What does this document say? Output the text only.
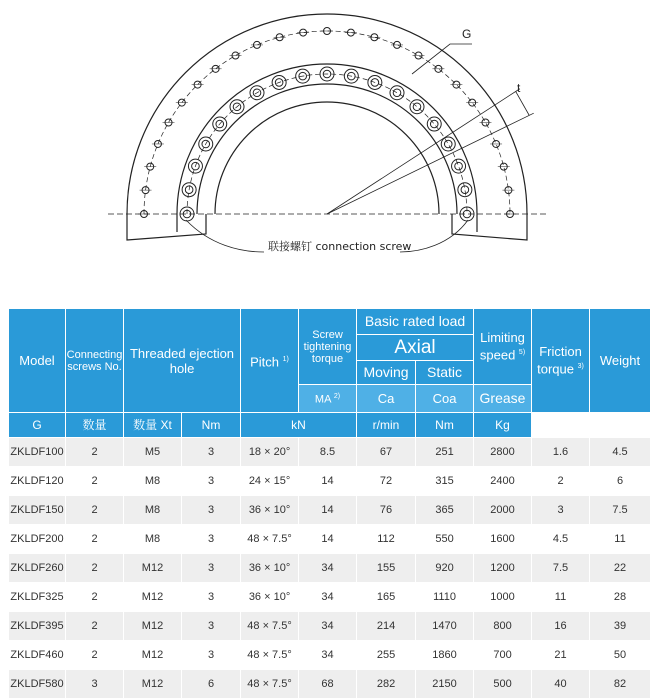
G
t
联接螺钉 connection screw
Model	Connecting screws No.	Threaded ejection hole		Pitch $^{1)}$	Screw tightening torque	Basic rated load		Limiting speed $^{5)}$	Friction torque $^{3)}$	Weight
						Axial				
						Moving	Static			
					MA $^{2)}$	Ca	Coa	Grease		
G	数量	数量 Xt	Nm	kN		r/min	Nm	Kg		
ZKLDF100	2	M5	3	18 × 20°	8.5	67	251	2800	1.6	4.5
ZKLDF120	2	M8	3	24 × 15°	14	72	315	2400	2	6
ZKLDF150	2	M8	3	36 × 10°	14	76	365	2000	3	7.5
ZKLDF200	2	M8	3	48 × 7.5°	14	112	550	1600	4.5	11
ZKLDF260	2	M12	3	36 × 10°	34	155	920	1200	7.5	22
ZKLDF325	2	M12	3	36 × 10°	34	165	1110	1000	11	28
ZKLDF395	2	M12	3	48 × 7.5°	34	214	1470	800	16	39
ZKLDF460	2	M12	3	48 × 7.5°	34	255	1860	700	21	50
ZKLDF580	3	M12	6	48 × 7.5°	68	282	2150	500	40	82
